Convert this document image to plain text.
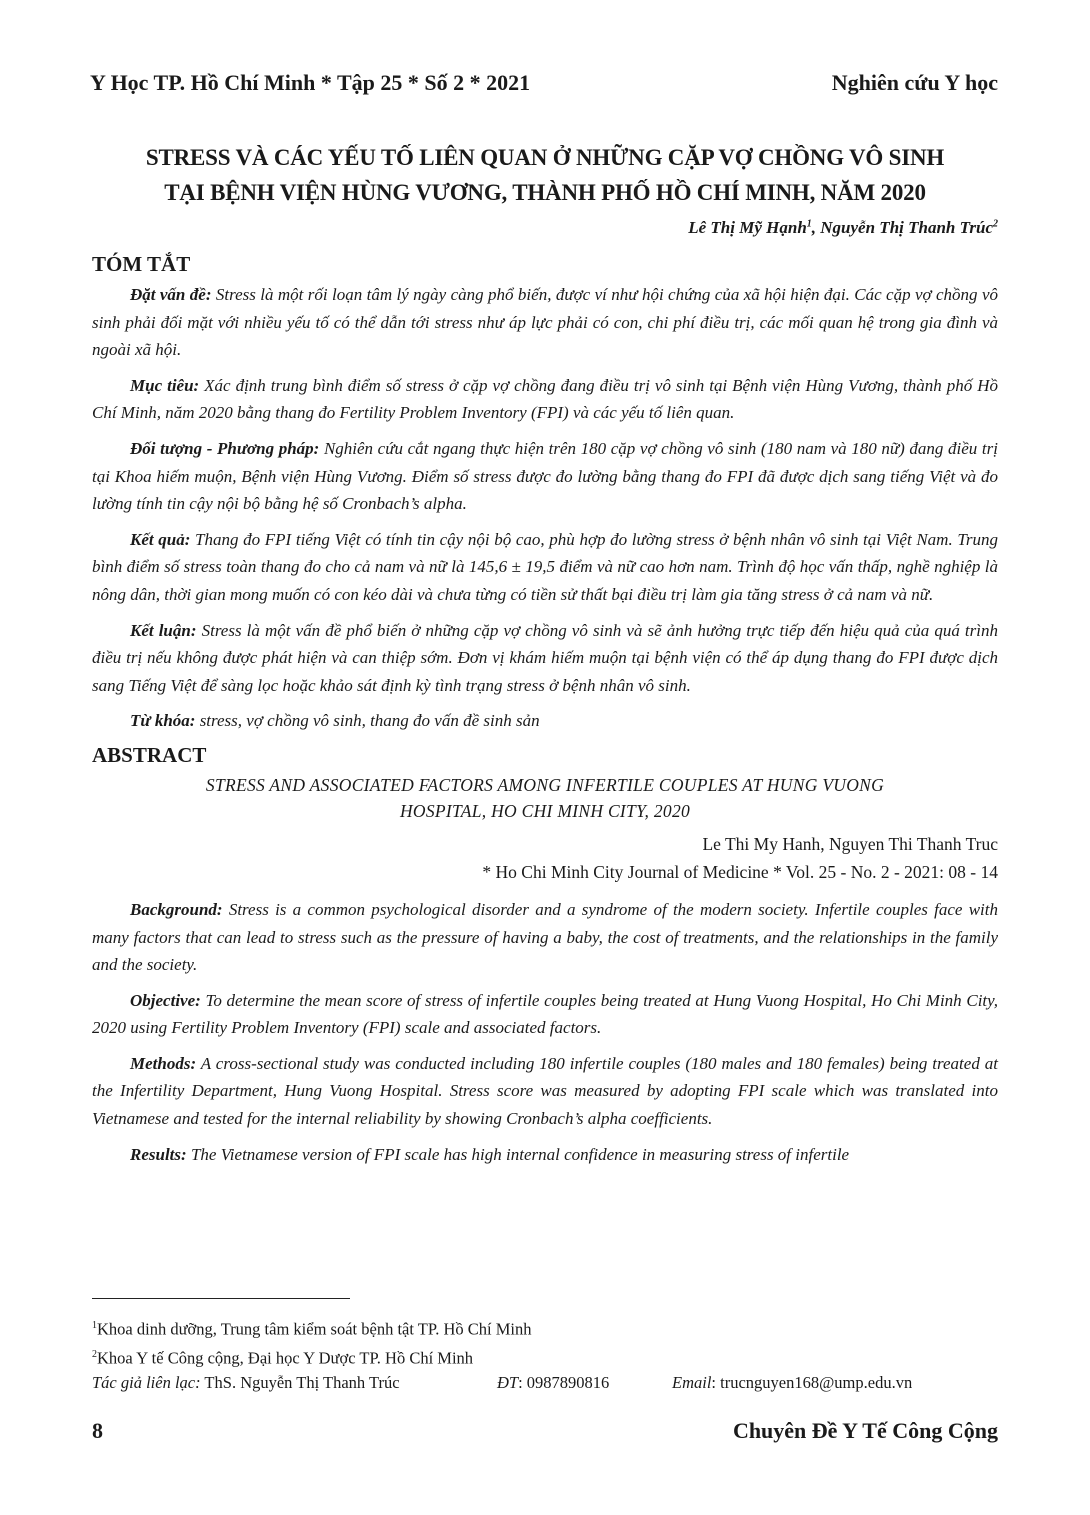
Y Học TP. Hồ Chí Minh * Tập 25 * Số 2 * 2021	Nghiên cứu Y học
STRESS VÀ CÁC YẾU TỐ LIÊN QUAN Ở NHỮNG CẶP VỢ CHỒNG VÔ SINH
TẠI BỆNH VIỆN HÙNG VƯƠNG, THÀNH PHỐ HỒ CHÍ MINH, NĂM 2020
Lê Thị Mỹ Hạnh$^1$, Nguyễn Thị Thanh Trúc$^2$
TÓM TẮT

Đặt vấn đề: Stress là một rối loạn tâm lý ngày càng phổ biến, được ví như hội chứng của xã hội hiện đại. Các cặp vợ chồng vô sinh phải đối mặt với nhiều yếu tố có thể dẫn tới stress như áp lực phải có con, chi phí điều trị, các mối quan hệ trong gia đình và ngoài xã hội.

Mục tiêu: Xác định trung bình điểm số stress ở cặp vợ chồng đang điều trị vô sinh tại Bệnh viện Hùng Vương, thành phố Hồ Chí Minh, năm 2020 bằng thang đo Fertility Problem Inventory (FPI) và các yếu tố liên quan.

Đối tượng - Phương pháp: Nghiên cứu cắt ngang thực hiện trên 180 cặp vợ chồng vô sinh (180 nam và 180 nữ) đang điều trị tại Khoa hiếm muộn, Bệnh viện Hùng Vương. Điểm số stress được đo lường bằng thang đo FPI đã được dịch sang tiếng Việt và đo lường tính tin cậy nội bộ bằng hệ số Cronbach’s alpha.

Kết quả: Thang đo FPI tiếng Việt có tính tin cậy nội bộ cao, phù hợp đo lường stress ở bệnh nhân vô sinh tại Việt Nam. Trung bình điểm số stress toàn thang đo cho cả nam và nữ là 145,6 ± 19,5 điểm và nữ cao hơn nam. Trình độ học vấn thấp, nghề nghiệp là nông dân, thời gian mong muốn có con kéo dài và chưa từng có tiền sử thất bại điều trị làm gia tăng stress ở cả nam và nữ.

Kết luận: Stress là một vấn đề phổ biến ở những cặp vợ chồng vô sinh và sẽ ảnh hưởng trực tiếp đến hiệu quả của quá trình điều trị nếu không được phát hiện và can thiệp sớm. Đơn vị khám hiếm muộn tại bệnh viện có thể áp dụng thang đo FPI được dịch sang Tiếng Việt để sàng lọc hoặc khảo sát định kỳ tình trạng stress ở bệnh nhân vô sinh.

Từ khóa: stress, vợ chồng vô sinh, thang đo vấn đề sinh sản

ABSTRACT
STRESS AND ASSOCIATED FACTORS AMONG INFERTILE COUPLES AT HUNG VUONG
HOSPITAL, HO CHI MINH CITY, 2020
Le Thi My Hanh, Nguyen Thi Thanh Truc
* Ho Chi Minh City Journal of Medicine * Vol. 25 - No. 2 - 2021: 08 - 14

Background: Stress is a common psychological disorder and a syndrome of the modern society. Infertile couples face with many factors that can lead to stress such as the pressure of having a baby, the cost of treatments, and the relationships in the family and the society.

Objective: To determine the mean score of stress of infertile couples being treated at Hung Vuong Hospital, Ho Chi Minh City, 2020 using Fertility Problem Inventory (FPI) scale and associated factors.

Methods: A cross-sectional study was conducted including 180 infertile couples (180 males and 180 females) being treated at the Infertility Department, Hung Vuong Hospital. Stress score was measured by adopting FPI scale which was translated into Vietnamese and tested for the internal reliability by showing Cronbach’s alpha coefficients.

Results: The Vietnamese version of FPI scale has high internal confidence in measuring stress of infertile

$^1$Khoa dinh dưỡng, Trung tâm kiểm soát bệnh tật TP. Hồ Chí Minh
$^2$Khoa Y tế Công cộng, Đại học Y Dược TP. Hồ Chí Minh
Tác giả liên lạc: ThS. Nguyễn Thị Thanh Trúc	ĐT: 0987890816	Email: trucnguyen168@ump.edu.vn
8	Chuyên Đề Y Tế Công Cộng
